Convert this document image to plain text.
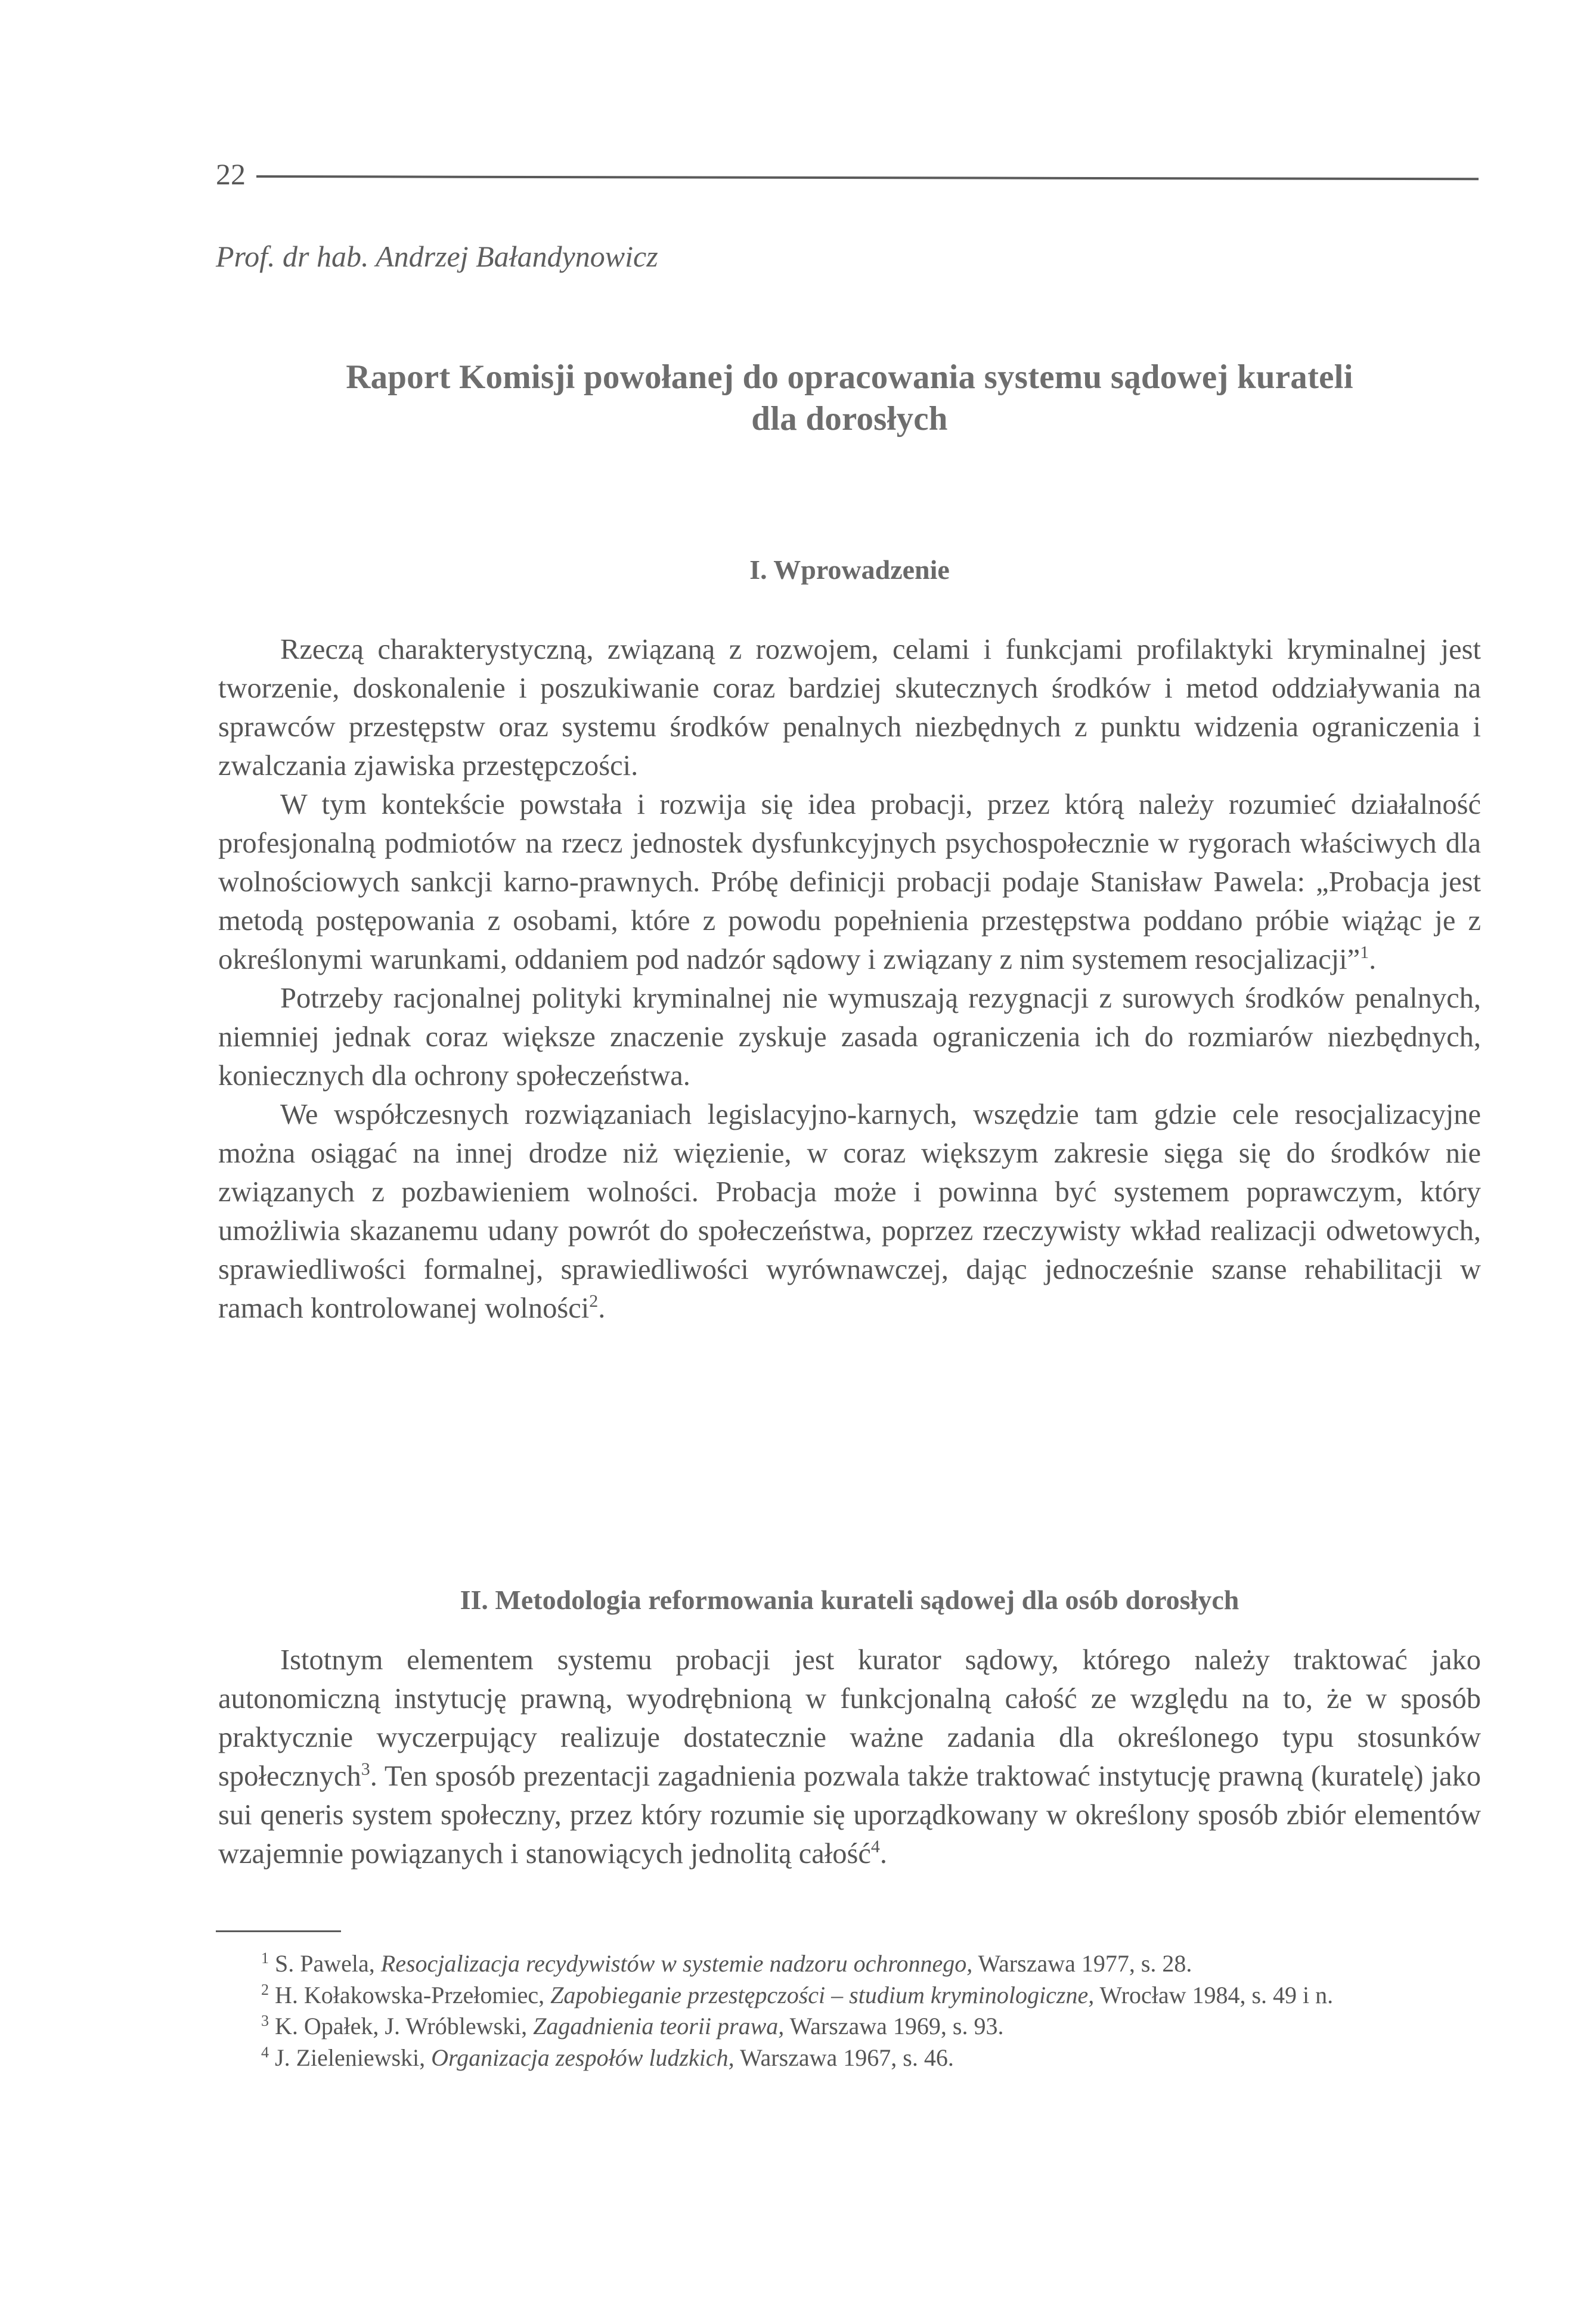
22
Prof. dr hab. Andrzej Bałandynowicz
Raport Komisji powołanej do opracowania systemu sądowej kurateli
dla dorosłych
I. Wprowadzenie

Rzeczą charakterystyczną, związaną z rozwojem, celami i funkcjami profilaktyki kryminalnej jest tworzenie, doskonalenie i poszukiwanie coraz bardziej skutecznych środków i metod oddziaływania na sprawców przestępstw oraz systemu środków penalnych niezbędnych z punktu widzenia ograniczenia i zwalczania zjawiska przestępczości.

W tym kontekście powstała i rozwija się idea probacji, przez którą należy rozumieć działalność profesjonalną podmiotów na rzecz jednostek dysfunkcyjnych psychospołecznie w rygorach właściwych dla wolnościowych sankcji karno-prawnych. Próbę definicji probacji podaje Stanisław Pawela: „Probacja jest metodą postępowania z osobami, które z powodu popełnienia przestępstwa poddano próbie wiążąc je z określonymi warunkami, oddaniem pod nadzór sądowy i związany z nim systemem resocjalizacji”$^1$.

Potrzeby racjonalnej polityki kryminalnej nie wymuszają rezygnacji z surowych środków penalnych, niemniej jednak coraz większe znaczenie zyskuje zasada ograniczenia ich do rozmiarów niezbędnych, koniecznych dla ochrony społeczeństwa.

We współczesnych rozwiązaniach legislacyjno-karnych, wszędzie tam gdzie cele resocjalizacyjne można osiągać na innej drodze niż więzienie, w coraz większym zakresie sięga się do środków nie związanych z pozbawieniem wolności. Probacja może i powinna być systemem poprawczym, który umożliwia skazanemu udany powrót do społeczeństwa, poprzez rzeczywisty wkład realizacji odwetowych, sprawiedliwości formalnej, sprawiedliwości wyrównawczej, dając jednocześnie szanse rehabilitacji w ramach kontrolowanej wolności$^2$.

II. Metodologia reformowania kurateli sądowej dla osób dorosłych

Istotnym elementem systemu probacji jest kurator sądowy, którego należy traktować jako autonomiczną instytucję prawną, wyodrębnioną w funkcjonalną całość ze względu na to, że w sposób praktycznie wyczerpujący realizuje dostatecznie ważne zadania dla określonego typu stosunków społecznych$^3$. Ten sposób prezentacji zagadnienia pozwala także traktować instytucję prawną (kuratelę) jako sui qeneris system społeczny, przez który rozumie się uporządkowany w określony sposób zbiór elementów wzajemnie powiązanych i stanowiących jednolitą całość$^4$.

$^1$ S. Pawela, Resocjalizacja recydywistów w systemie nadzoru ochronnego, Warszawa 1977, s. 28.

$^2$ H. Kołakowska-Przełomiec, Zapobieganie przestępczości – studium kryminologiczne, Wrocław 1984, s. 49 i n.

$^3$ K. Opałek, J. Wróblewski, Zagadnienia teorii prawa, Warszawa 1969, s. 93.

$^4$ J. Zieleniewski, Organizacja zespołów ludzkich, Warszawa 1967, s. 46.
